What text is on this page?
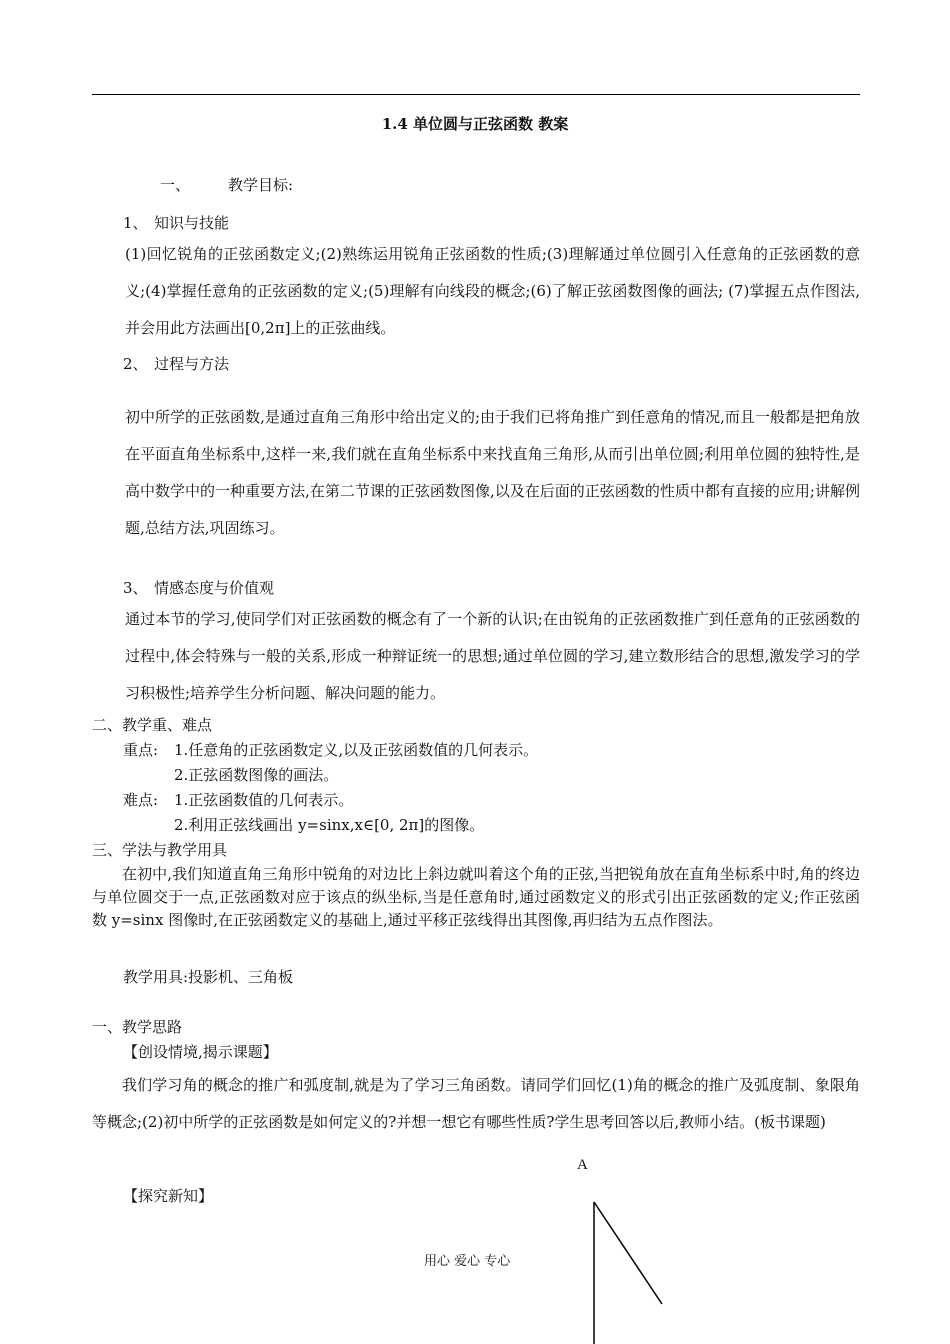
1.4 单位圆与正弦函数 教案
一、	教学目标:
1、 知识与技能
(1)回忆锐角的正弦函数定义;(2)熟练运用锐角正弦函数的性质;(3)理解通过单位圆引入任意角的正弦函数的意义;(4)掌握任意角的正弦函数的定义;(5)理解有向线段的概念;(6)了解正弦函数图像的画法; (7)掌握五点作图法,并会用此方法画出[0,2π]上的正弦曲线。
2、 过程与方法
初中所学的正弦函数,是通过直角三角形中给出定义的;由于我们已将角推广到任意角的情况,而且一般都是把角放在平面直角坐标系中,这样一来,我们就在直角坐标系中来找直角三角形,从而引出单位圆;利用单位圆的独特性,是高中数学中的一种重要方法,在第二节课的正弦函数图像,以及在后面的正弦函数的性质中都有直接的应用;讲解例题,总结方法,巩固练习。
3、 情感态度与价值观
通过本节的学习,使同学们对正弦函数的概念有了一个新的认识;在由锐角的正弦函数推广到任意角的正弦函数的过程中,体会特殊与一般的关系,形成一种辩证统一的思想;通过单位圆的学习,建立数形结合的思想,激发学习的学习积极性;培养学生分析问题、解决问题的能力。
二、教学重、难点
重点: 1.任意角的正弦函数定义,以及正弦函数值的几何表示。
2.正弦函数图像的画法。
难点: 1.正弦函数值的几何表示。
2.利用正弦线画出 y=sinx,x∈[0, 2π]的图像。
三、学法与教学用具
在初中,我们知道直角三角形中锐角的对边比上斜边就叫着这个角的正弦,当把锐角放在直角坐标系中时,角的终边与单位圆交于一点,正弦函数对应于该点的纵坐标,当是任意角时,通过函数定义的形式引出正弦函数的定义;作正弦函数 y=sinx 图像时,在正弦函数定义的基础上,通过平移正弦线得出其图像,再归结为五点作图法。
教学用具:投影机、三角板
一、教学思路
【创设情境,揭示课题】
我们学习角的概念的推广和弧度制,就是为了学习三角函数。请同学们回忆(1)角的概念的推广及弧度制、象限角等概念;(2)初中所学的正弦函数是如何定义的?并想一想它有哪些性质?学生思考回答以后,教师小结。(板书课题)
【探究新知】
A
用心 爱心 专心
